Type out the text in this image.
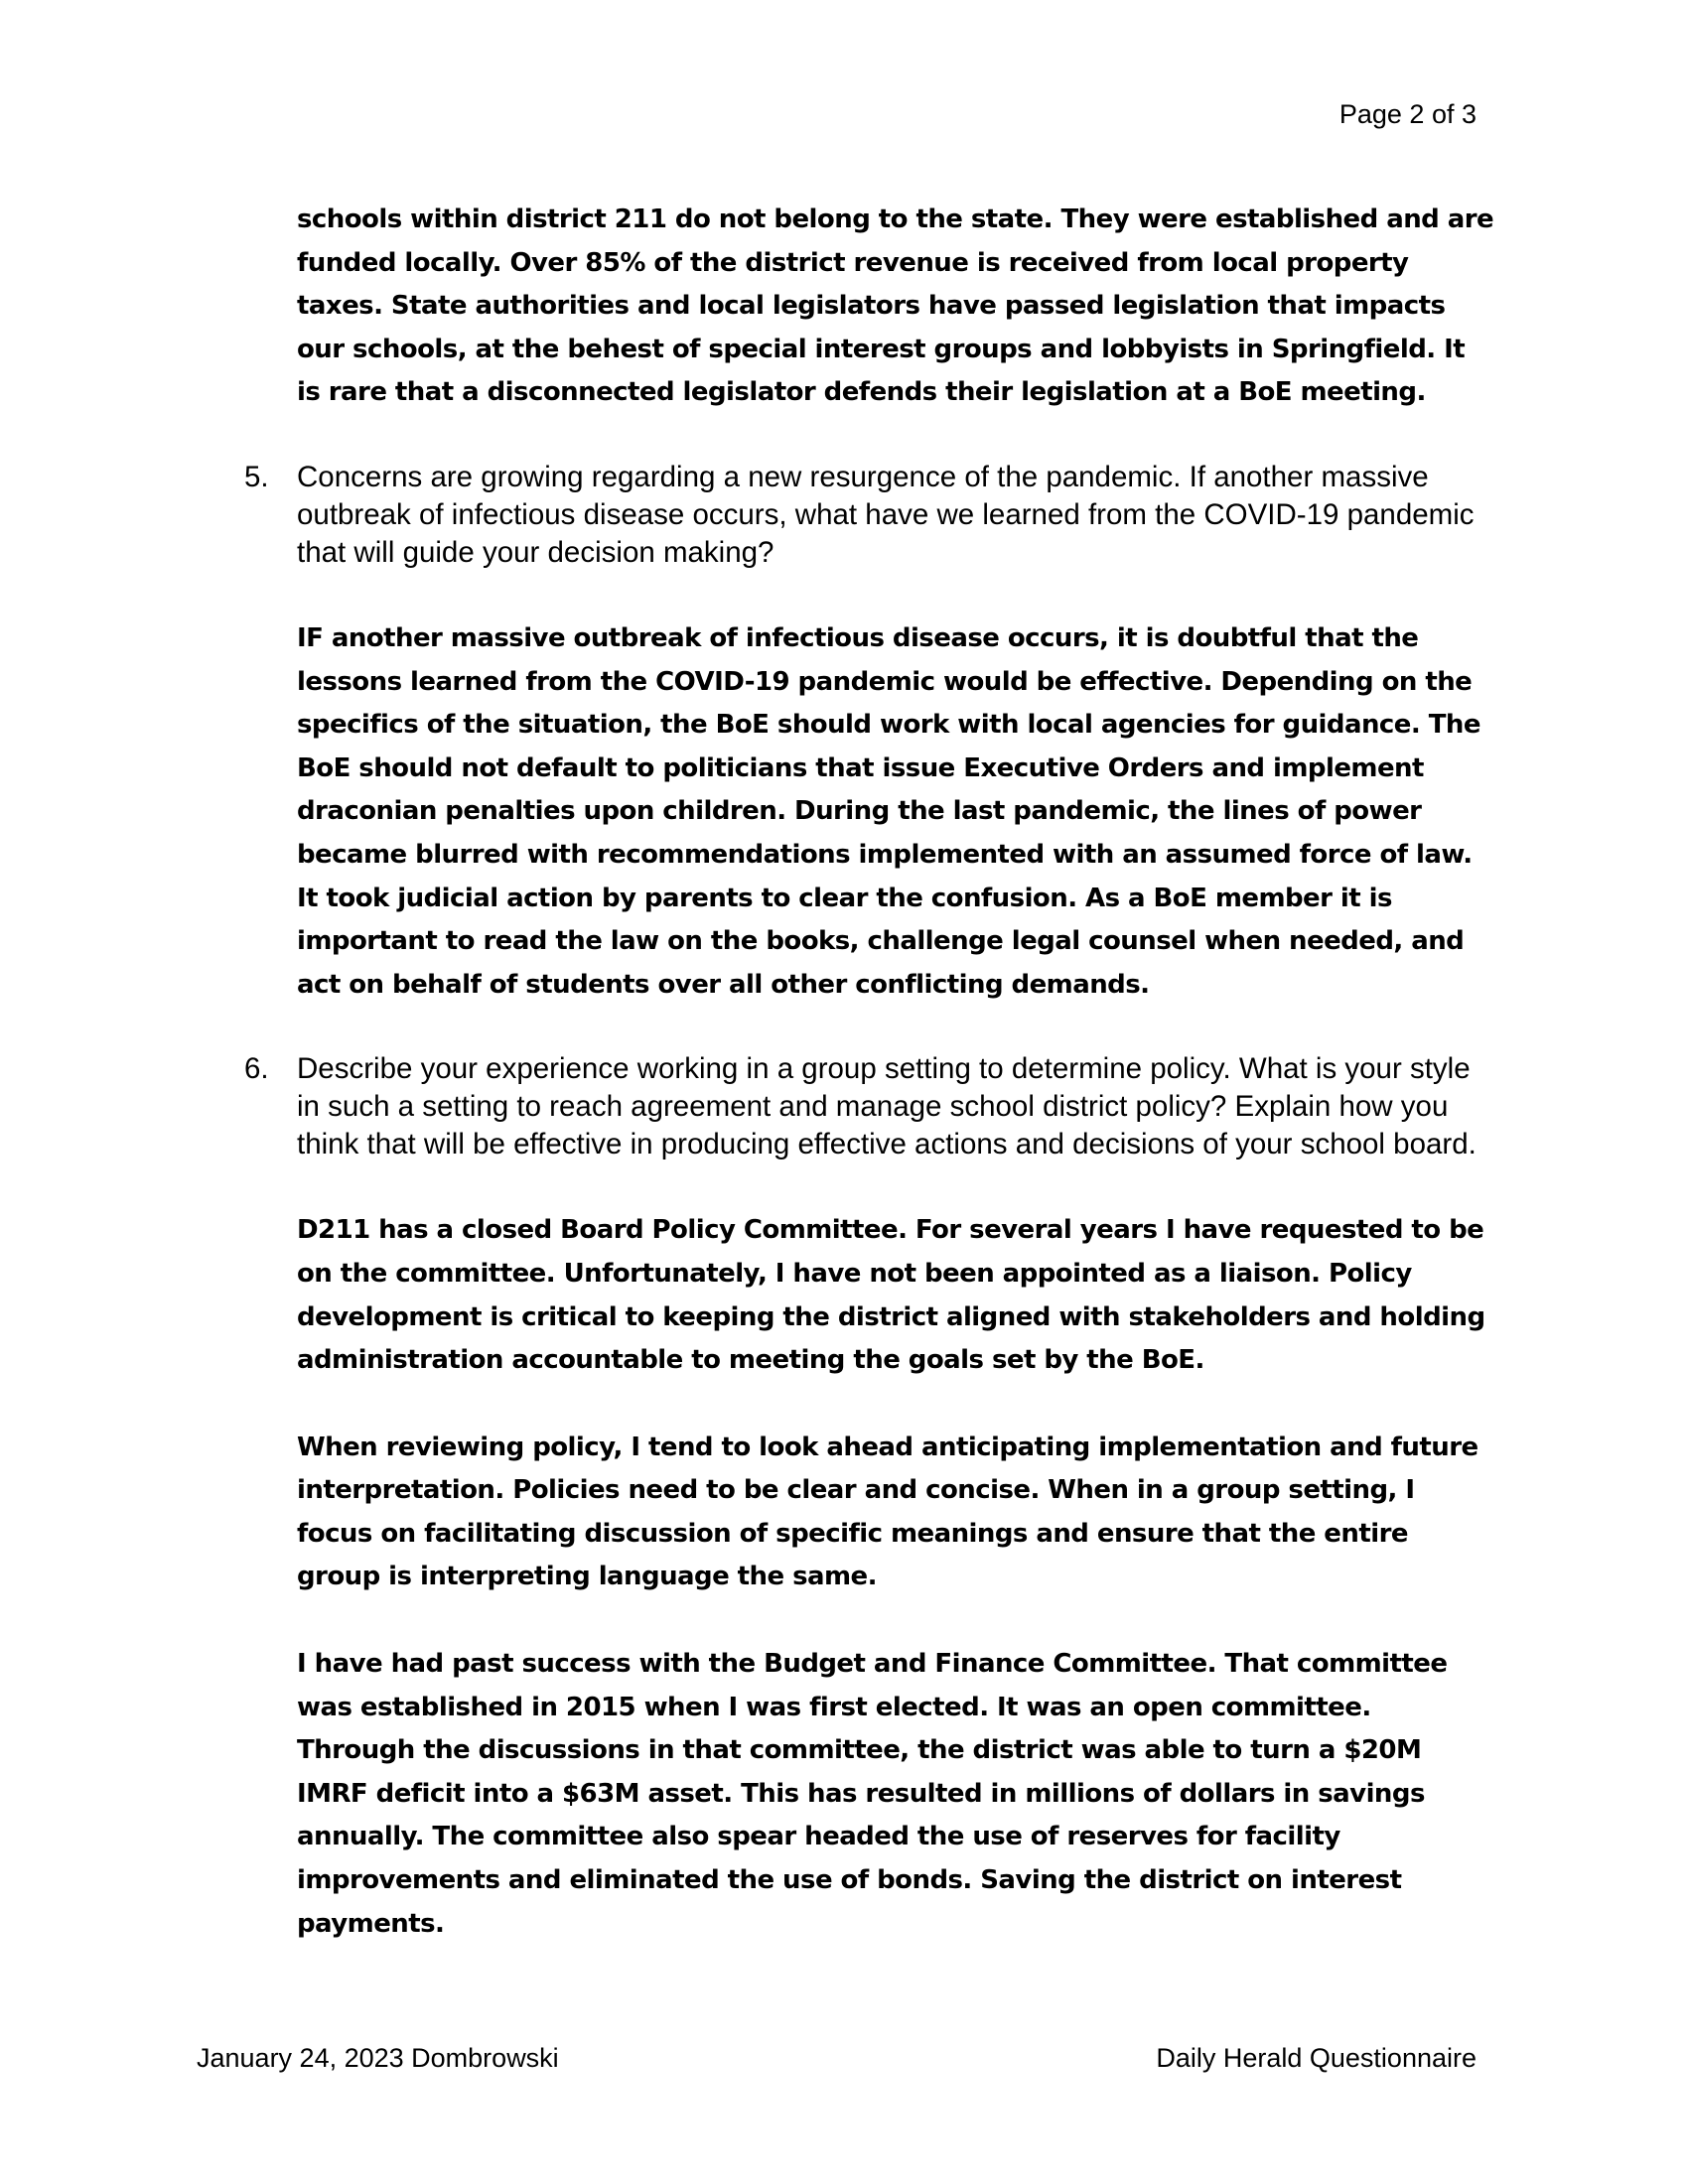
Page 2 of 3

schools within district 211 do not belong to the state. They were established and are funded locally. Over 85% of the district revenue is received from local property taxes. State authorities and local legislators have passed legislation that impacts our schools, at the behest of special interest groups and lobbyists in Springfield. It is rare that a disconnected legislator defends their legislation at a BoE meeting.

5. Concerns are growing regarding a new resurgence of the pandemic. If another massive outbreak of infectious disease occurs, what have we learned from the COVID-19 pandemic that will guide your decision making?

IF another massive outbreak of infectious disease occurs, it is doubtful that the lessons learned from the COVID-19 pandemic would be effective. Depending on the specifics of the situation, the BoE should work with local agencies for guidance. The BoE should not default to politicians that issue Executive Orders and implement draconian penalties upon children. During the last pandemic, the lines of power became blurred with recommendations implemented with an assumed force of law. It took judicial action by parents to clear the confusion. As a BoE member it is important to read the law on the books, challenge legal counsel when needed, and act on behalf of students over all other conflicting demands.

6. Describe your experience working in a group setting to determine policy. What is your style in such a setting to reach agreement and manage school district policy? Explain how you think that will be effective in producing effective actions and decisions of your school board.

D211 has a closed Board Policy Committee. For several years I have requested to be on the committee. Unfortunately, I have not been appointed as a liaison. Policy development is critical to keeping the district aligned with stakeholders and holding administration accountable to meeting the goals set by the BoE.

When reviewing policy, I tend to look ahead anticipating implementation and future interpretation. Policies need to be clear and concise. When in a group setting, I focus on facilitating discussion of specific meanings and ensure that the entire group is interpreting language the same.

I have had past success with the Budget and Finance Committee. That committee was established in 2015 when I was first elected. It was an open committee. Through the discussions in that committee, the district was able to turn a $20M IMRF deficit into a $63M asset. This has resulted in millions of dollars in savings annually. The committee also spear headed the use of reserves for facility improvements and eliminated the use of bonds. Saving the district on interest payments.

January 24, 2023 Dombrowski	Daily Herald Questionnaire
